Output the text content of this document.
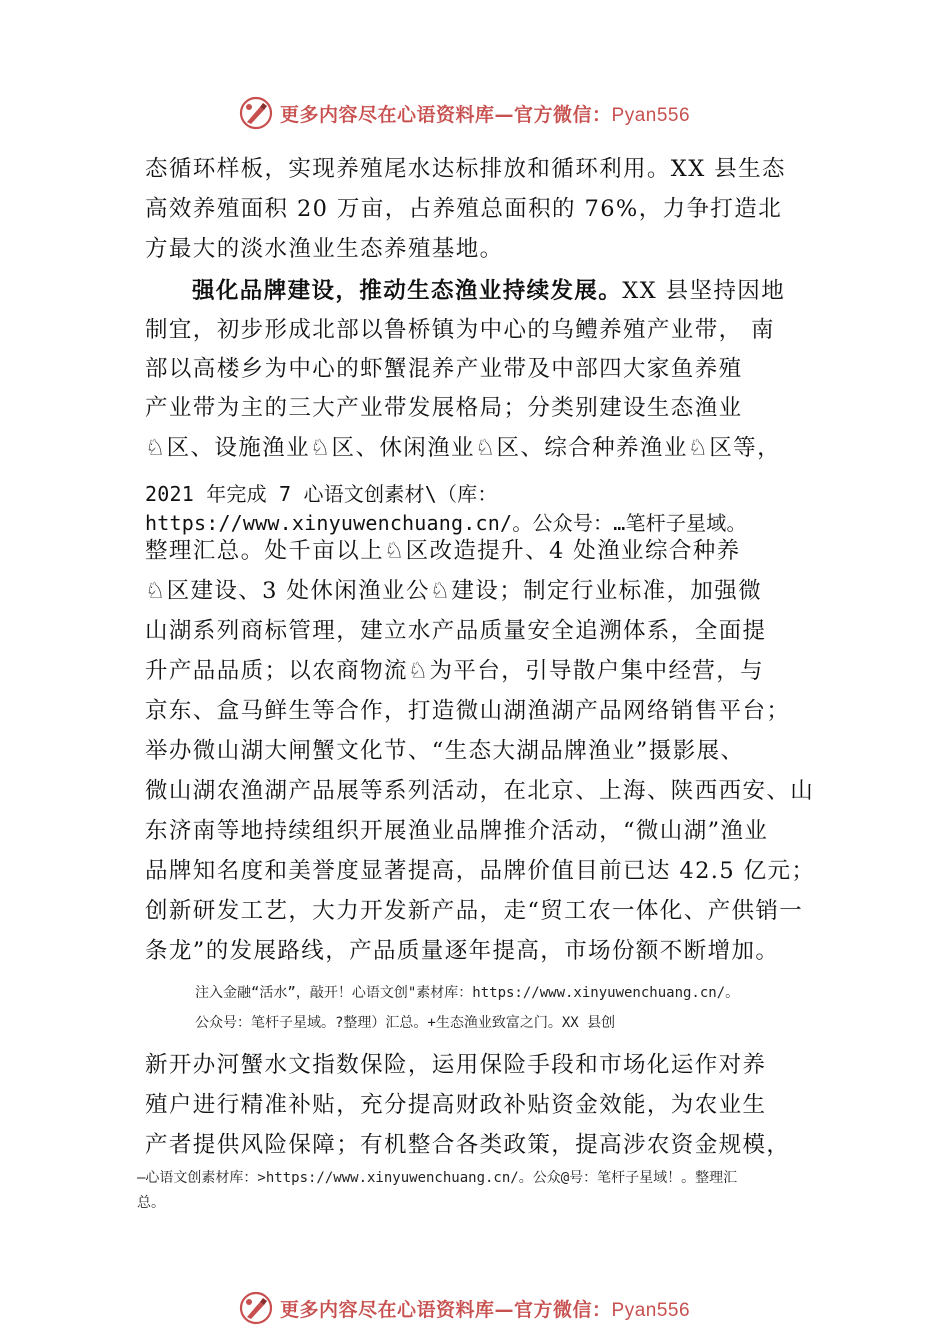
更多内容尽在心语资料库—官方微信：Pyan556
态循环样板，实现养殖尾水达标排放和循环利用。XX 县生态
高效养殖面积 20 万亩，占养殖总面积的 76%，力争打造北
方最大的淡水渔业生态养殖基地。
强化品牌建设，推动生态渔业持续发展。XX 县坚持因地
制宜，初步形成北部以鲁桥镇为中心的乌鳢养殖产业带， 南
部以高楼乡为中心的虾蟹混养产业带及中部四大家鱼养殖
产业带为主的三大产业带发展格局；分类别建设生态渔业
♘区、设施渔业♘区、休闲渔业♘区、综合种养渔业♘区等，
2021 年完成 7 心语文创素材\（库：
https://www.xinyuwenchuang.cn/。公众号：…笔杆子星域。
整理汇总。处千亩以上♘区改造提升、4 处渔业综合种养
♘区建设、3 处休闲渔业公♘建设；制定行业标准，加强微
山湖系列商标管理，建立水产品质量安全追溯体系，全面提
升产品品质；以农商物流♘为平台，引导散户集中经营，与
京东、盒马鲜生等合作，打造微山湖渔湖产品网络销售平台；
举办微山湖大闸蟹文化节、“生态大湖品牌渔业”摄影展、
微山湖农渔湖产品展等系列活动，在北京、上海、陕西西安、山
东济南等地持续组织开展渔业品牌推介活动，“微山湖”渔业
品牌知名度和美誉度显著提高，品牌价值目前已达 42.5 亿元；
创新研发工艺，大力开发新产品，走“贸工农一体化、产供销一
条龙”的发展路线，产品质量逐年提高，市场份额不断增加。
注入金融“活水”，敲开！心语文创"素材库：https://www.xinyuwenchuang.cn/。
公众号：笔杆子星域。?整理）汇总。+生态渔业致富之门。XX 县创
新开办河蟹水文指数保险，运用保险手段和市场化运作对养
殖户进行精准补贴，充分提高财政补贴资金效能，为农业生
产者提供风险保障；有机整合各类政策，提高涉农资金规模，
—心语文创素材库：>https://www.xinyuwenchuang.cn/。公众@号：笔杆子星域！。整理汇
总。
更多内容尽在心语资料库—官方微信：Pyan556
